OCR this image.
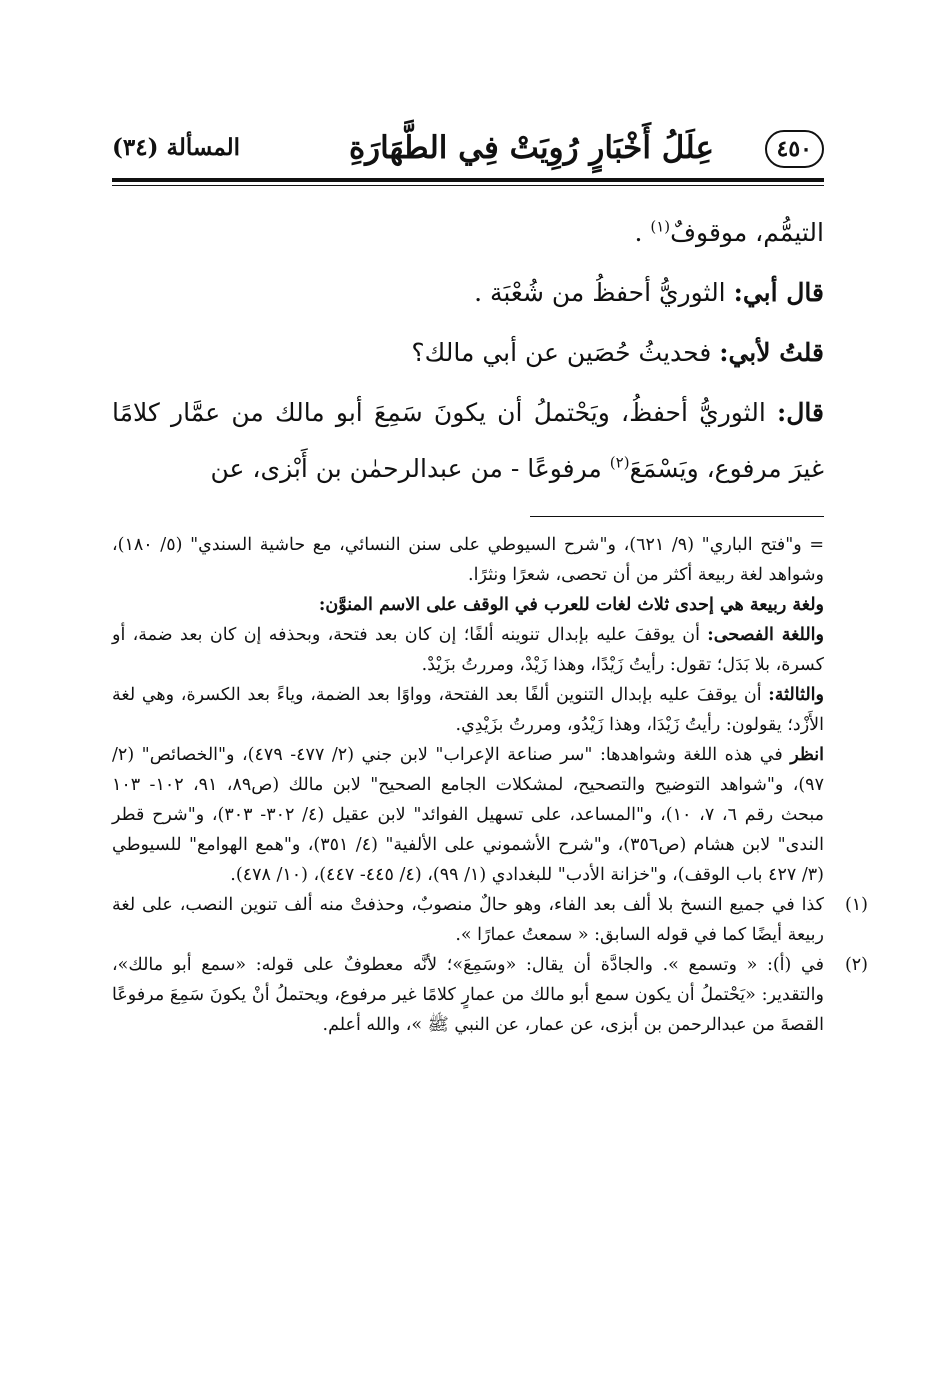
٤٥٠
عِلَلُ أَخْبَارٍ رُوِيَتْ فِي الطَّهَارَةِ
المسألة (٣٤)

التيمُّم، موقوفٌ$^{(١)}$ .

قال أبي: الثوريُّ أحفظُ من شُعْبَة .

قلتُ لأبي: فحديثُ حُصَين عن أبي مالك؟

قال: الثوريُّ أحفظُ، ويَحْتملُ أن يكونَ سَمِعَ أبو مالك من عمَّار كلامًا غيرَ مرفوع، ويَسْمَعَ$^{(٢)}$ مرفوعًا - من عبدالرحمٰن بن أَبْزى، عن

= و"فتح الباري" (٩/ ٦٢١)، و"شرح السيوطي على سنن النسائي، مع حاشية السندي" (٥/ ١٨٠)، وشواهد لغة ربيعة أكثر من أن تحصى، شعرًا ونثرًا.

ولغة ربيعة هي إحدى ثلاث لغات للعرب في الوقف على الاسم المنوَّن:

واللغة الفصحى: أن يوقفَ عليه بإبدال تنوينه ألفًا؛ إن كان بعد فتحة، وبحذفه إن كان بعد ضمة، أو كسرة، بلا بَدَل؛ تقول: رأيتُ زَيْدًا، وهذا زَيْدْ، ومررتُ بزَيْدْ.

والثالثة: أن يوقفَ عليه بإبدال التنوين ألفًا بعد الفتحة، وواوًا بعد الضمة، وياءً بعد الكسرة، وهي لغة الأَزْد؛ يقولون: رأيتُ زَيْدَا، وهذا زَيْدُو، ومررتُ بزَيْدِي.

انظر في هذه اللغة وشواهدها: "سر صناعة الإعراب" لابن جني (٢/ ٤٧٧- ٤٧٩)، و"الخصائص" (٢/ ٩٧)، و"شواهد التوضيح والتصحيح، لمشكلات الجامع الصحيح" لابن مالك (ص٨٩، ٩١، ١٠٢- ١٠٣ مبحث رقم ٦، ٧، ١٠)، و"المساعد، على تسهيل الفوائد" لابن عقيل (٤/ ٣٠٢- ٣٠٣)، و"شرح قطر الندى" لابن هشام (ص٣٥٦)، و"شرح الأشموني على الألفية" (٤/ ٣٥١)، و"همع الهوامع" للسيوطي (٣/ ٤٢٧ باب الوقف)، و"خزانة الأدب" للبغدادي (١/ ٩٩)، (٤/ ٤٤٥- ٤٤٧)، (١٠/ ٤٧٨).

(١)
كذا في جميع النسخ بلا ألف بعد الفاء، وهو حالٌ منصوبٌ، وحذفتْ منه ألف تنوين النصب، على لغة ربيعة أيضًا كما في قوله السابق: « سمعتُ عمارًا ».

(٢)
في (أ): « وتسمع ». والجادَّة أن يقال: «وسَمِعَ»؛ لأنَّه معطوفٌ على قوله: «سمع أبو مالك»، والتقدير: «يَحْتملُ أن يكون سمع أبو مالك من عمارٍ كلامًا غير مرفوع، ويحتملُ أنْ يكونَ سَمِعَ مرفوعًا القصةَ من عبدالرحمن بن أبزى، عن عمار، عن النبي ﷺ »، والله أعلم.
